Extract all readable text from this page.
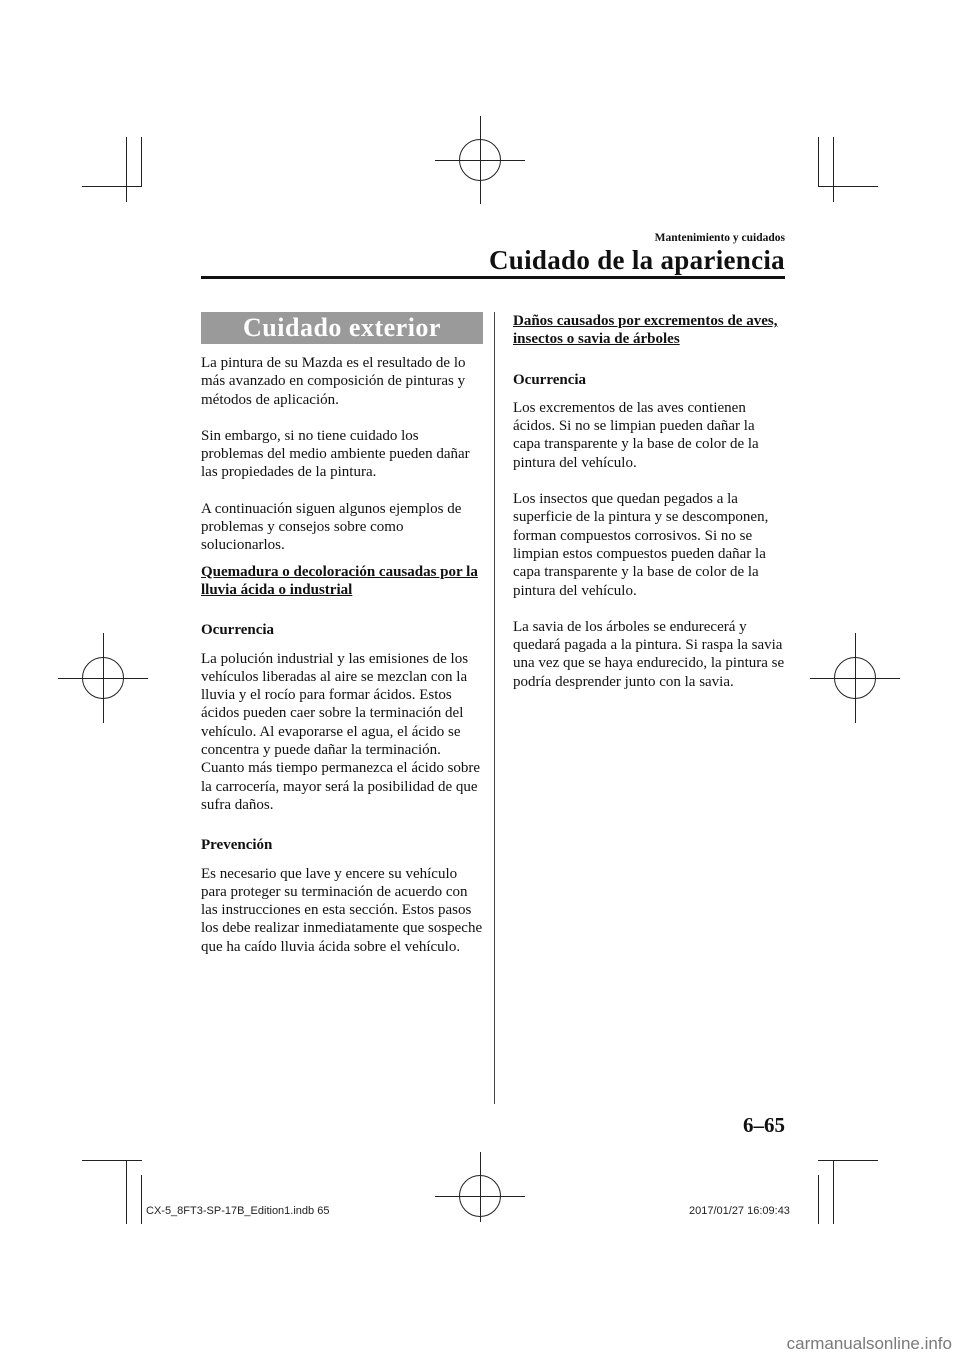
Mantenimiento y cuidados
Cuidado de la apariencia
Cuidado exterior

La pintura de su Mazda es el resultado de lo más avanzado en composición de pinturas y métodos de aplicación.

Sin embargo, si no tiene cuidado los problemas del medio ambiente pueden dañar las propiedades de la pintura.

A continuación siguen algunos ejemplos de problemas y consejos sobre como solucionarlos.

Quemadura o decoloración causadas por la lluvia ácida o industrial
Ocurrencia

La polución industrial y las emisiones de los vehículos liberadas al aire se mezclan con la lluvia y el rocío para formar ácidos. Estos ácidos pueden caer sobre la terminación del vehículo. Al evaporarse el agua, el ácido se concentra y puede dañar la terminación.

Cuanto más tiempo permanezca el ácido sobre la carrocería, mayor será la posibilidad de que sufra daños.

Prevención

Es necesario que lave y encere su vehículo para proteger su terminación de acuerdo con las instrucciones en esta sección. Estos pasos los debe realizar inmediatamente que sospeche que ha caído lluvia ácida sobre el vehículo.

Daños causados por excrementos de aves, insectos o savia de árboles
Ocurrencia

Los excrementos de las aves contienen ácidos. Si no se limpian pueden dañar la capa transparente y la base de color de la pintura del vehículo.

Los insectos que quedan pegados a la superficie de la pintura y se descomponen, forman compuestos corrosivos. Si no se limpian estos compuestos pueden dañar la capa transparente y la base de color de la pintura del vehículo.

La savia de los árboles se endurecerá y quedará pagada a la pintura. Si raspa la savia una vez que se haya endurecido, la pintura se podría desprender junto con la savia.

6–65
CX-5_8FT3-SP-17B_Edition1.indb 65	2017/01/27 16:09:43
carmanualsonline.info
